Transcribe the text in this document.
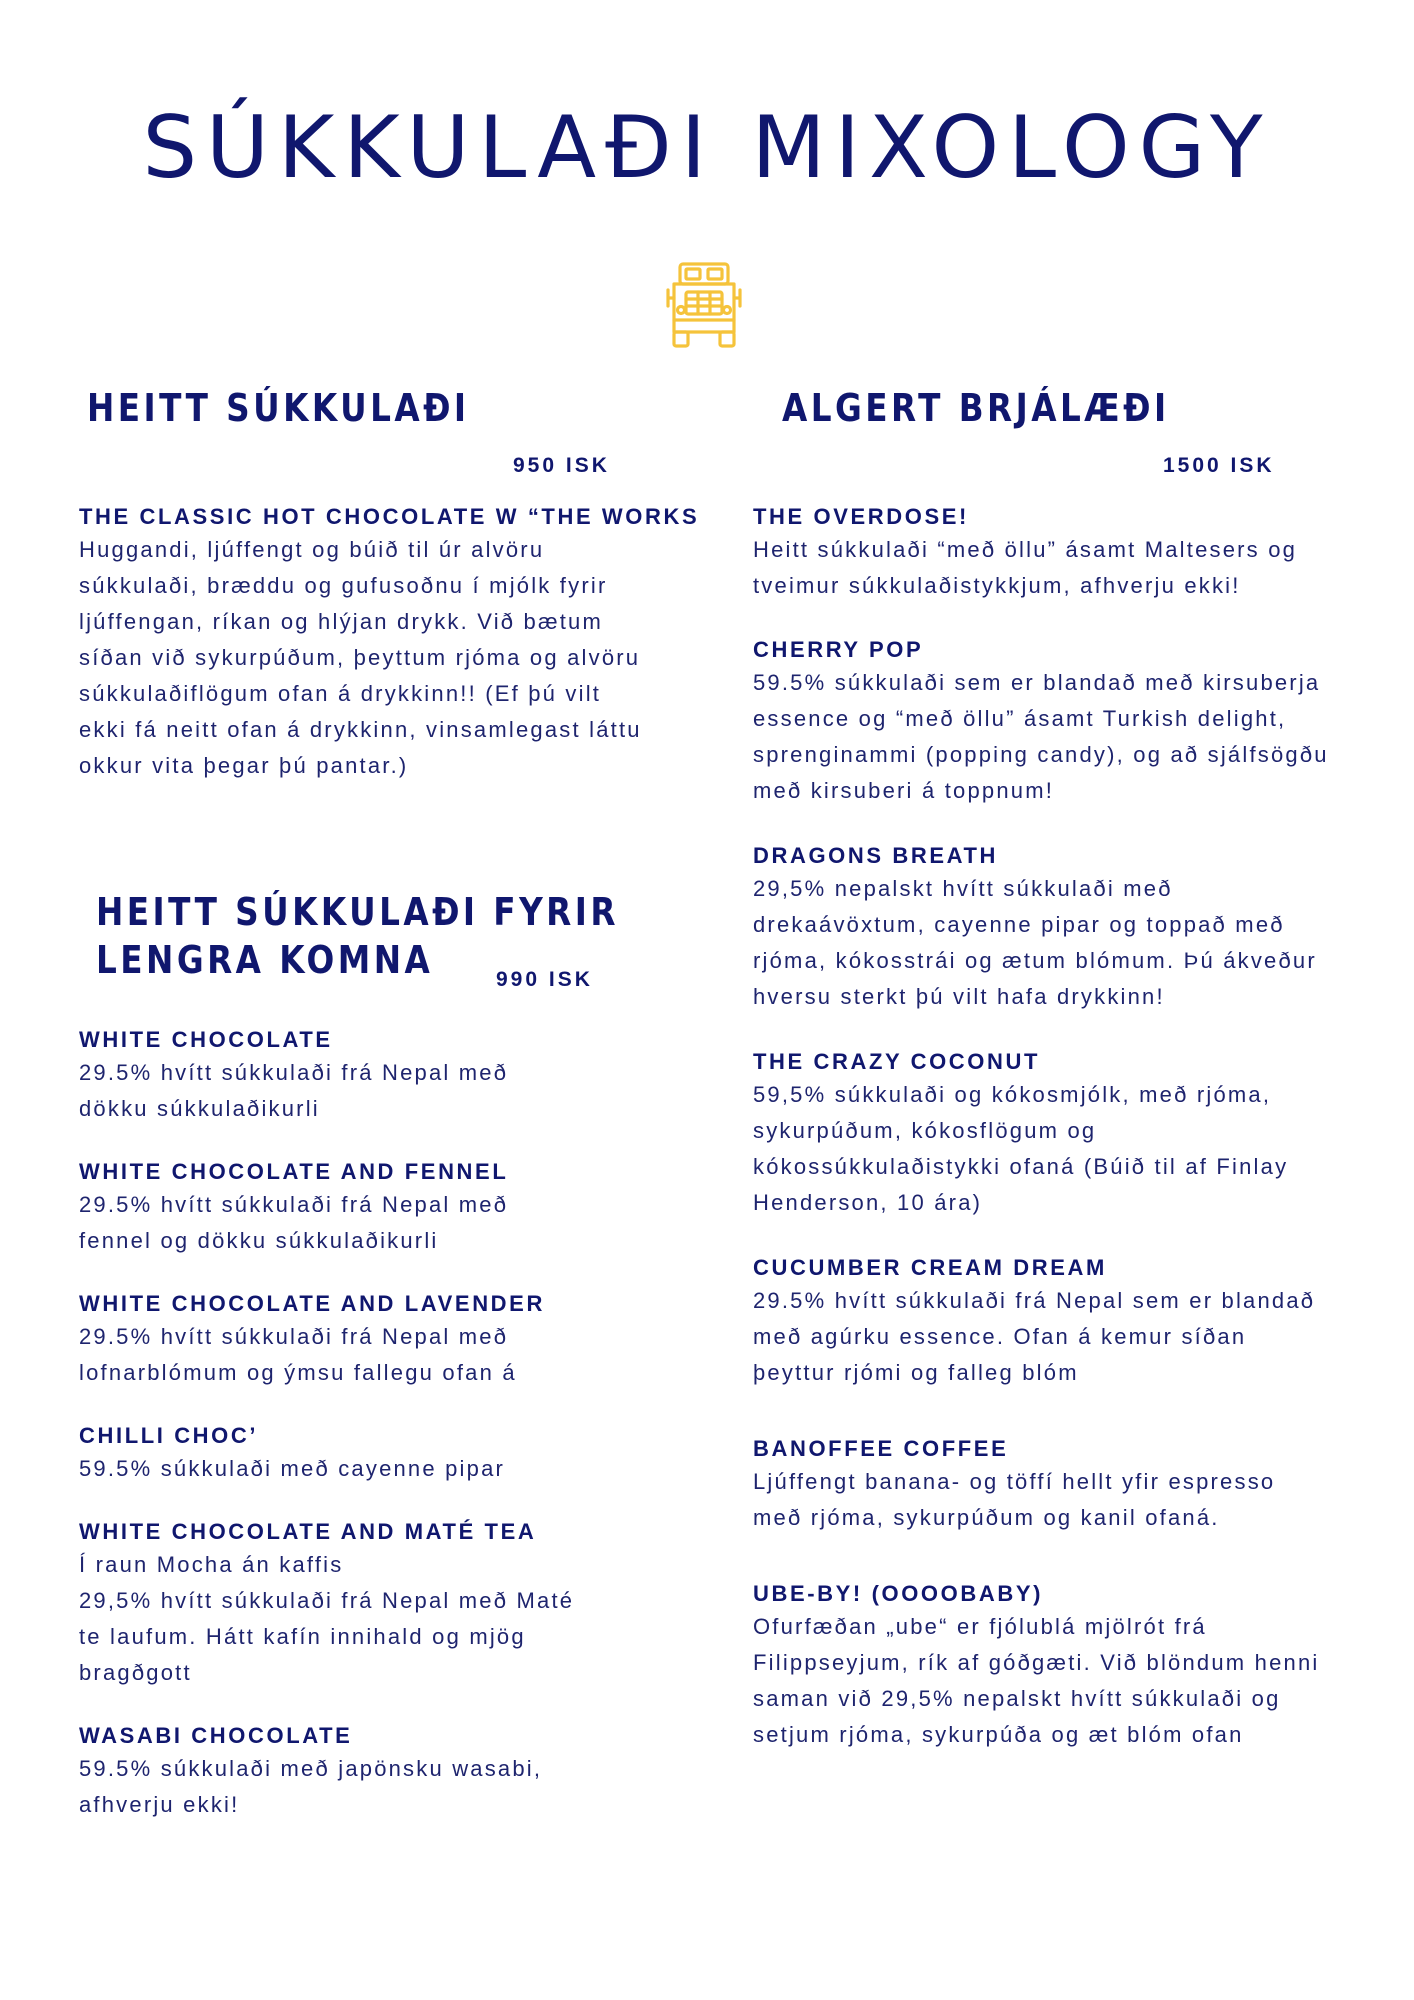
SÚKKULAÐI MIXOLOGY
HEITT SÚKKULAÐI
950 ISK
THE CLASSIC HOT CHOCOLATE W “THE WORKS
Huggandi, ljúffengt og búið til úr alvöru
súkkulaði, bræddu og gufusoðnu í mjólk fyrir
ljúffengan, ríkan og hlýjan drykk. Við bætum
síðan við sykurpúðum, þeyttum rjóma og alvöru
súkkulaðiflögum ofan á drykkinn!! (Ef þú vilt
ekki fá neitt ofan á drykkinn, vinsamlegast láttu
okkur vita þegar þú pantar.)
HEITT SÚKKULAÐI FYRIR
LENGRA KOMNA	990 ISK
WHITE CHOCOLATE
29.5% hvítt súkkulaði frá Nepal með
dökku súkkulaðikurli
WHITE CHOCOLATE AND FENNEL
29.5% hvítt súkkulaði frá Nepal með
fennel og dökku súkkulaðikurli
WHITE CHOCOLATE AND LAVENDER
29.5% hvítt súkkulaði frá Nepal með
lofnarblómum og ýmsu fallegu ofan á
CHILLI CHOC’
59.5% súkkulaði með cayenne pipar
WHITE CHOCOLATE AND MATÉ TEA
Í raun Mocha án kaffis
29,5% hvítt súkkulaði frá Nepal með Maté
te laufum. Hátt kafín innihald og mjög
bragðgott
WASABI CHOCOLATE
59.5% súkkulaði með japönsku wasabi,
afhverju ekki!
ALGERT BRJÁLÆÐI
1500 ISK
THE OVERDOSE!
Heitt súkkulaði “með öllu” ásamt Maltesers og
tveimur súkkulaðistykkjum, afhverju ekki!
CHERRY POP
59.5% súkkulaði sem er blandað með kirsuberja
essence og “með öllu” ásamt Turkish delight,
sprenginammi (popping candy), og að sjálfsögðu
með kirsuberi á toppnum!
DRAGONS BREATH
29,5% nepalskt hvítt súkkulaði með
drekaávöxtum, cayenne pipar og toppað með
rjóma, kókosstrái og ætum blómum. Þú ákveður
hversu sterkt þú vilt hafa drykkinn!
THE CRAZY COCONUT
59,5% súkkulaði og kókosmjólk, með rjóma,
sykurpúðum, kókosflögum og
kókossúkkulaðistykki ofaná (Búið til af Finlay
Henderson, 10 ára)
CUCUMBER CREAM DREAM
29.5% hvítt súkkulaði frá Nepal sem er blandað
með agúrku essence. Ofan á kemur síðan
þeyttur rjómi og falleg blóm
BANOFFEE COFFEE
Ljúffengt banana- og töffí hellt yfir espresso
með rjóma, sykurpúðum og kanil ofaná.
UBE-BY! (OOOOBABY)
Ofurfæðan „ube“ er fjólublá mjölrót frá
Filippseyjum, rík af góðgæti. Við blöndum henni
saman við 29,5% nepalskt hvítt súkkulaði og
setjum rjóma, sykurpúða og æt blóm ofan
